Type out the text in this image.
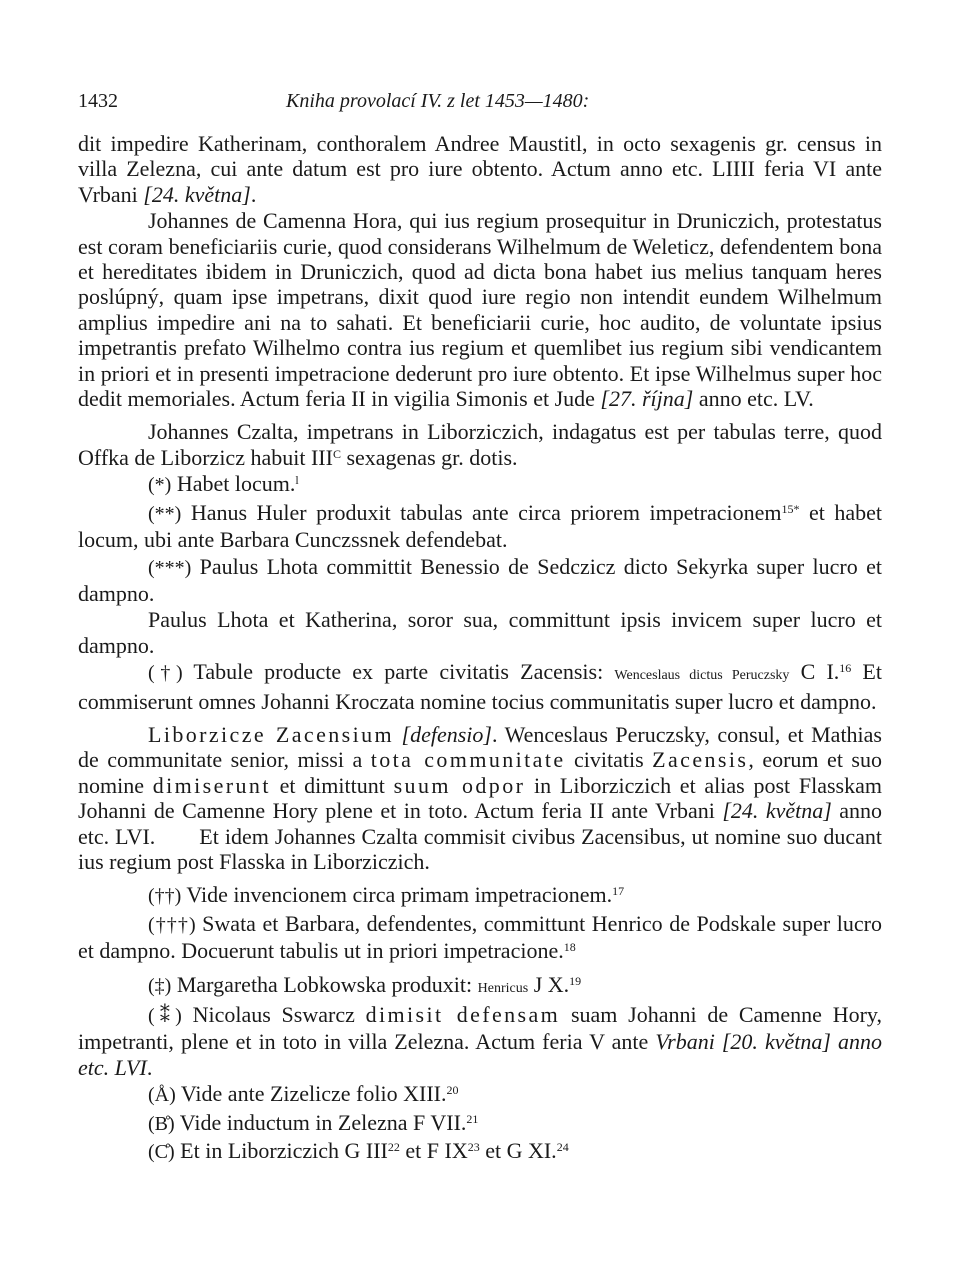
1432	Kniha provolací IV. z let 1453—1480:

dit impedire Katherinam, conthoralem Andree Maustitl, in octo sexagenis gr. census in villa Zelezna, cui ante datum est pro iure obtento. Actum anno etc. LIIII feria VI ante Vrbani [24. května].

Johannes de Camenna Hora, qui ius regium prosequitur in Druniczich, protestatus est coram beneficiariis curie, quod considerans Wilhelmum de Weleticz, defendentem bona et hereditates ibidem in Druniczich, quod ad dicta bona habet ius melius tanquam heres poslúpný, quam ipse impetrans, dixit quod iure regio non intendit eundem Wilhelmum amplius impedire ani na to sahati. Et beneficiarii curie, hoc audito, de voluntate ipsius impetrantis prefato Wilhelmo contra ius regium et quemlibet ius regium sibi vendicantem in priori et in presenti impetracione dederunt pro iure obtento. Et ipse Wilhelmus super hoc dedit memoriales. Actum feria II in vigilia Simonis et Jude [27. října] anno etc. LV.

Johannes Czalta, impetrans in Liborziczich, indagatus est per tabulas terre, quod Offka de Liborzicz habuit $III^C$ sexagenas gr. dotis.

(*) Habet locum.$^l$

(**) Hanus Huler produxit tabulas ante circa priorem impetracionem$^{15*}$ et habet locum, ubi ante Barbara Cunczssnek defendebat.

(***) Paulus Lhota committit Benessio de Sedczicz dicto Sekyrka super lucro et dampno.

Paulus Lhota et Katherina, soror sua, committunt ipsis invicem super lucro et dampno.

(†) Tabule producte ex parte civitatis Zacensis: Wenceslaus dictus Peruczsky C I.$^{16}$ Et commiserunt omnes Johanni Kroczata nomine tocius communitatis super lucro et dampno.

Liborzicze Zacensium [defensio]. Wenceslaus Peruczsky, consul, et Mathias de communitate senior, missi a tota communitate civitatis Zacensis, eorum et suo nomine dimiserunt et dimittunt suum odpor in Liborziczich et alias post Flasskam Johanni de Camenne Hory plene et in toto. Actum feria II ante Vrbani [24. května] anno etc. LVI. Et idem Johannes Czalta commisit civibus Zacensibus, ut nomine suo ducant ius regium post Flasska in Liborziczich.

(††) Vide invencionem circa primam impetracionem.$^{17}$

(†††) Swata et Barbara, defendentes, committunt Henrico de Podskale super lucro et dampno. Docuerunt tabulis ut in priori impetracione.$^{18}$

(‡) Margaretha Lobkowska produxit: Henricus J X.$^{19}$

(⁑) Nicolaus Sswarcz dimisit defensam suam Johanni de Camenne Hory, impetranti, plene et in toto in villa Zelezna. Actum feria V ante Vrbani [20. května] anno etc. LVI.

(Å) Vide ante Zizelicze folio XIII.$^{20}$

(B̊) Vide inductum in Zelezna F VII.$^{21}$

(C̊) Et in Liborziczich G III$^{22}$ et F IX$^{23}$ et G XI.$^{24}$
